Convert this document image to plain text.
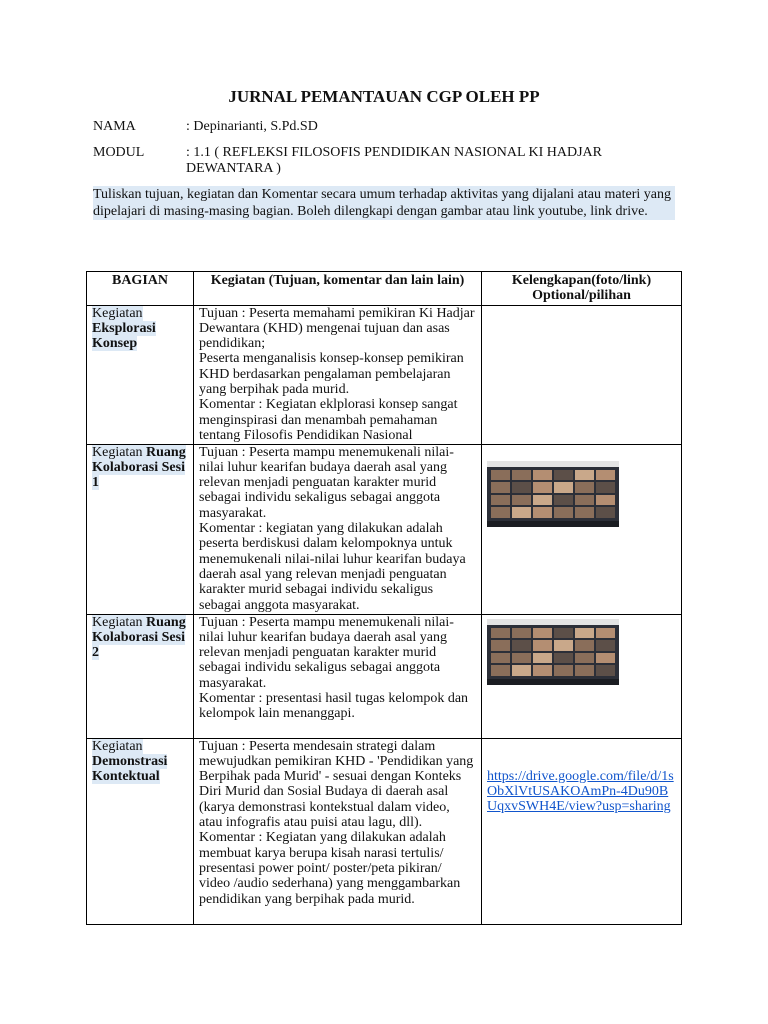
JURNAL PEMANTAUAN CGP OLEH PP
NAMA	: Depinarianti, S.Pd.SD
MODUL	: 1.1 ( REFLEKSI FILOSOFIS PENDIDIKAN NASIONAL KI HADJAR DEWANTARA )
Tuliskan tujuan, kegiatan dan Komentar secara umum terhadap aktivitas yang dijalani atau materi yang dipelajari di masing-masing bagian. Boleh dilengkapi dengan gambar atau link youtube, link drive.
BAGIAN	Kegiatan (Tujuan, komentar dan lain lain)	Kelengkapan(foto/link) Optional/pilihan
Kegiatan Eksplorasi Konsep	Tujuan : Peserta memahami pemikiran Ki Hadjar Dewantara (KHD) mengenai tujuan dan asas pendidikan;
Peserta menganalisis konsep-konsep pemikiran KHD berdasarkan pengalaman pembelajaran yang berpihak pada murid.
Komentar : Kegiatan eklplorasi konsep sangat menginspirasi dan menambah pemahaman tentang Filosofis Pendidikan Nasional	
Kegiatan Ruang Kolaborasi Sesi 1	Tujuan : Peserta mampu menemukenali nilai-nilai luhur kearifan budaya daerah asal yang relevan menjadi penguatan karakter murid sebagai individu sekaligus sebagai anggota masyarakat.
Komentar : kegiatan yang dilakukan adalah peserta berdiskusi dalam kelompoknya untuk menemukenali nilai-nilai luhur kearifan budaya daerah asal yang relevan menjadi penguatan karakter murid sebagai individu sekaligus sebagai anggota masyarakat.	

Kegiatan Ruang Kolaborasi Sesi 2	Tujuan : Peserta mampu menemukenali nilai-nilai luhur kearifan budaya daerah asal yang relevan menjadi penguatan karakter murid sebagai individu sekaligus sebagai anggota masyarakat.
Komentar : presentasi hasil tugas kelompok dan kelompok lain menanggapi.	

Kegiatan Demonstrasi Kontektual	Tujuan : Peserta mendesain strategi dalam mewujudkan pemikiran KHD - 'Pendidikan yang Berpihak pada Murid' - sesuai dengan Konteks Diri Murid dan Sosial Budaya di daerah asal (karya demonstrasi kontekstual dalam video, atau infografis atau puisi atau lagu, dll).
Komentar : Kegiatan yang dilakukan adalah membuat karya berupa kisah narasi tertulis/ presentasi power point/ poster/peta pikiran/ video /audio sederhana) yang menggambarkan pendidikan yang berpihak pada murid.	https://drive.google.com/file/d/1sObXlVtUSAKOAmPn-4Du90BUqxvSWH4E/view?usp=sharing
